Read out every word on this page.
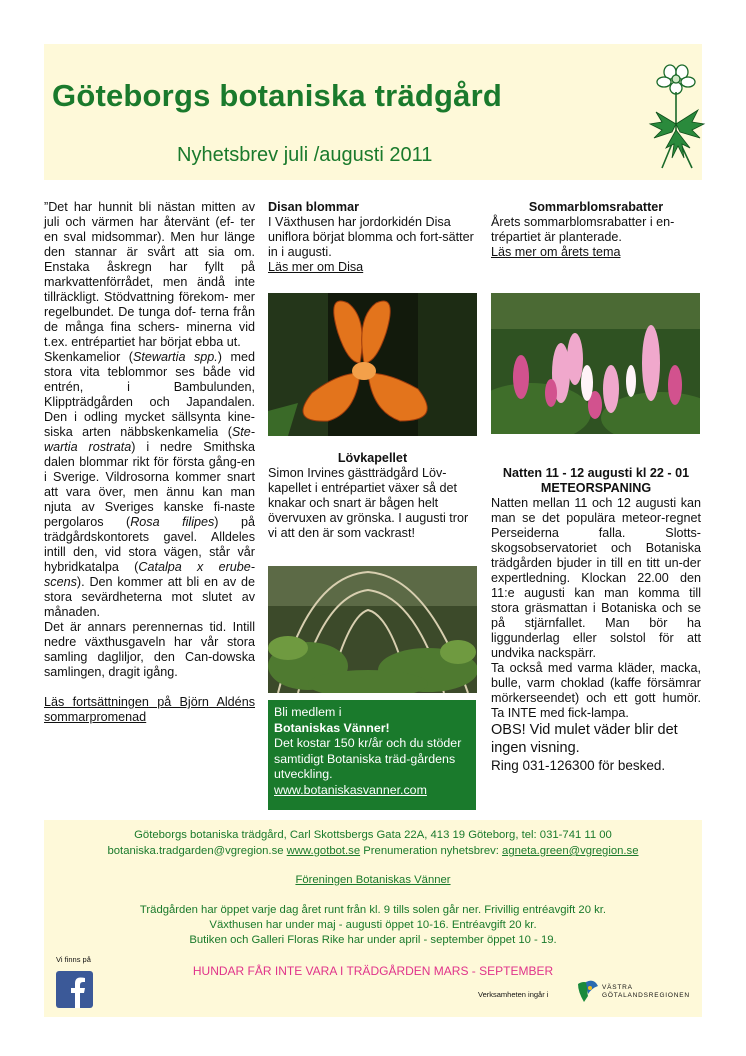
Göteborgs botaniska trädgård
Nyhetsbrev juli /augusti 2011

”Det har hunnit bli nästan mitten av juli och värmen har återvänt (ef- ter en sval midsommar). Men hur länge den stannar är svårt att sia om. Enstaka åskregn har fyllt på markvattenförrådet, men ändå inte tillräckligt. Stödvattning förekom- mer regelbundet. De tunga dof- terna från de många fina schers- minerna vid t.ex. entrépartiet har börjat ebba ut.

Skenkamelior (Stewartia spp.) med stora vita teblommor ses både vid entrén, i Bambulunden, Klippträdgården och Japandalen. Den i odling mycket sällsynta kine-siska arten näbbskenkamelia (Ste-wartia rostrata) i nedre Smithska dalen blommar rikt för första gång-en i Sverige. Vildrosorna kommer snart att vara över, men ännu kan man njuta av Sveriges kanske fi-naste pergolaros (Rosa filipes) på trädgårdskontorets gavel. Alldeles intill den, vid stora vägen, står vår hybridkatalpa (Catalpa x erube-scens). Den kommer att bli en av de stora sevärdheterna mot slutet av månaden.

Det är annars perennernas tid. Intill nedre växthusgaveln har vår stora samling dagliljor, den Can-dowska samlingen, dragit igång.

Läs fortsättningen på Björn Aldéns sommarpromenad

Disan blommar

I Växthusen har jordorkidén Disa uniflora börjat blomma och fort-sätter in i augusti.

Läs mer om Disa

Lövkapellet

Simon Irvines gästträdgård Löv-kapellet i entrépartiet växer så det knakar och snart är bågen helt övervuxen av grönska. I augusti tror vi att den är som vackrast!

Bli medlem i
Botaniskas Vänner!
Det kostar 150 kr/år och du stöder samtidigt Botaniska träd-gårdens utveckling.
www.botaniskasvanner.com

Sommarblomsrabatter

Årets sommarblomsrabatter i en-trépartiet är planterade.

Läs mer om årets tema

Natten 11 - 12 augusti kl 22 - 01

METEORSPANING

Natten mellan 11 och 12 augusti kan man se det populära meteor-regnet Perseiderna falla. Slotts-skogsobservatoriet och Botaniska trädgården bjuder in till en titt un-der expertledning. Klockan 22.00 den 11:e augusti kan man komma till stora gräsmattan i Botaniska och se på stjärnfallet. Man bör ha liggunderlag eller solstol för att undvika nackspärr.

Ta också med varma kläder, macka, bulle, varm choklad (kaffe försämrar mörkerseendet) och ett gott humör. Ta INTE med fick-lampa.

OBS! Vid mulet väder blir det ingen visning.

Ring 031-126300 för besked.

Göteborgs botaniska trädgård, Carl Skottsbergs Gata 22A, 413 19 Göteborg, tel: 031-741 11 00
botaniska.tradgarden@vgregion.se www.gotbot.se Prenumeration nyhetsbrev: agneta.green@vgregion.se
Föreningen Botaniskas Vänner
Trädgården har öppet varje dag året runt från kl. 9 tills solen går ner. Frivillig entréavgift 20 kr.
Växthusen har under maj - augusti öppet 10-16. Entréavgift 20 kr.
Butiken och Galleri Floras Rike har under april - september öppet 10 - 19.
HUNDAR FÅR INTE VARA I TRÄDGÅRDEN MARS - SEPTEMBER
Vi finns på
Verksamheten ingår i
VÄSTRA
GÖTALANDSREGIONEN
